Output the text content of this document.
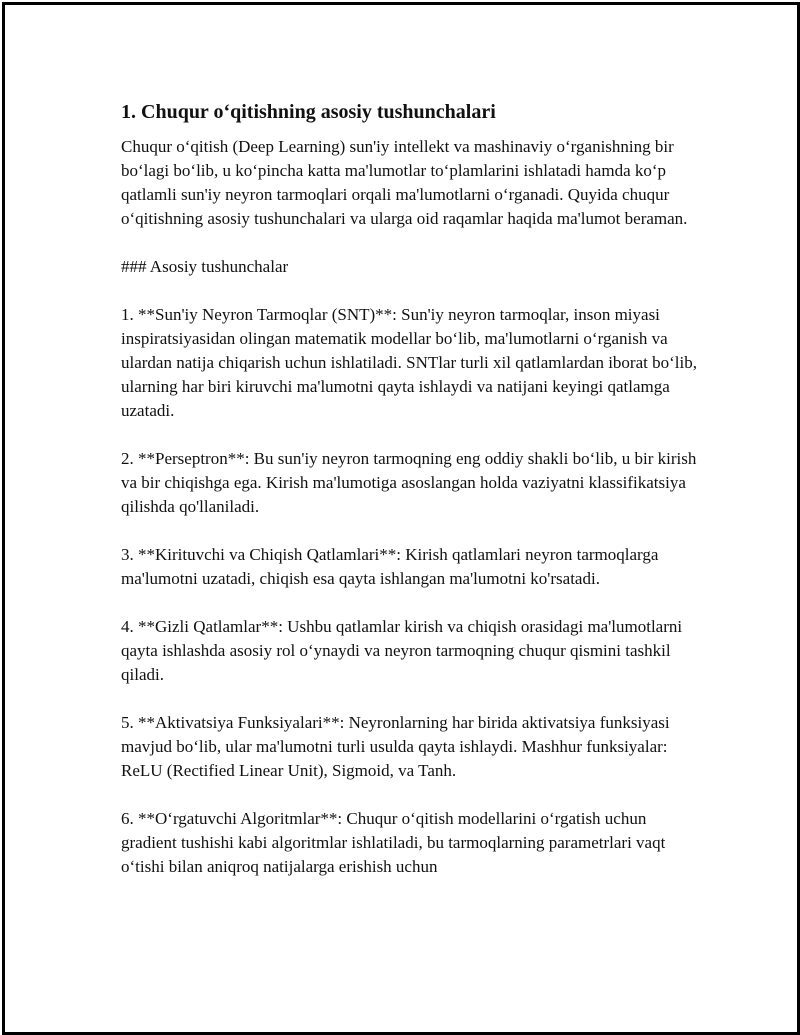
1. Chuqur o‘qitishning asosiy tushunchalari

Chuqur o‘qitish (Deep Learning) sun'iy intellekt va mashinaviy o‘rganishning bir bo‘lagi bo‘lib, u ko‘pincha katta ma'lumotlar to‘plamlarini ishlatadi hamda ko‘p qatlamli sun'iy neyron tarmoqlari orqali ma'lumotlarni o‘rganadi. Quyida chuqur o‘qitishning asosiy tushunchalari va ularga oid raqamlar haqida ma'lumot beraman.

### Asosiy tushunchalar

1. **Sun'iy Neyron Tarmoqlar (SNT)**: Sun'iy neyron tarmoqlar, inson miyasi inspiratsiyasidan olingan matematik modellar bo‘lib, ma'lumotlarni o‘rganish va ulardan natija chiqarish uchun ishlatiladi. SNTlar turli xil qatlamlardan iborat bo‘lib, ularning har biri kiruvchi ma'lumotni qayta ishlaydi va natijani keyingi qatlamga uzatadi.

2. **Perseptron**: Bu sun'iy neyron tarmoqning eng oddiy shakli bo‘lib, u bir kirish va bir chiqishga ega. Kirish ma'lumotiga asoslangan holda vaziyatni klassifikatsiya qilishda qo'llaniladi.

3. **Kirituvchi va Chiqish Qatlamlari**: Kirish qatlamlari neyron tarmoqlarga ma'lumotni uzatadi, chiqish esa qayta ishlangan ma'lumotni ko'rsatadi.

4. **Gizli Qatlamlar**: Ushbu qatlamlar kirish va chiqish orasidagi ma'lumotlarni qayta ishlashda asosiy rol o‘ynaydi va neyron tarmoqning chuqur qismini tashkil qiladi.

5. **Aktivatsiya Funksiyalari**: Neyronlarning har birida aktivatsiya funksiyasi mavjud bo‘lib, ular ma'lumotni turli usulda qayta ishlaydi. Mashhur funksiyalar: ReLU (Rectified Linear Unit), Sigmoid, va Tanh.

6. **O‘rgatuvchi Algoritmlar**: Chuqur o‘qitish modellarini o‘rgatish uchun gradient tushishi kabi algoritmlar ishlatiladi, bu tarmoqlarning parametrlari vaqt o‘tishi bilan aniqroq natijalarga erishish uchun
